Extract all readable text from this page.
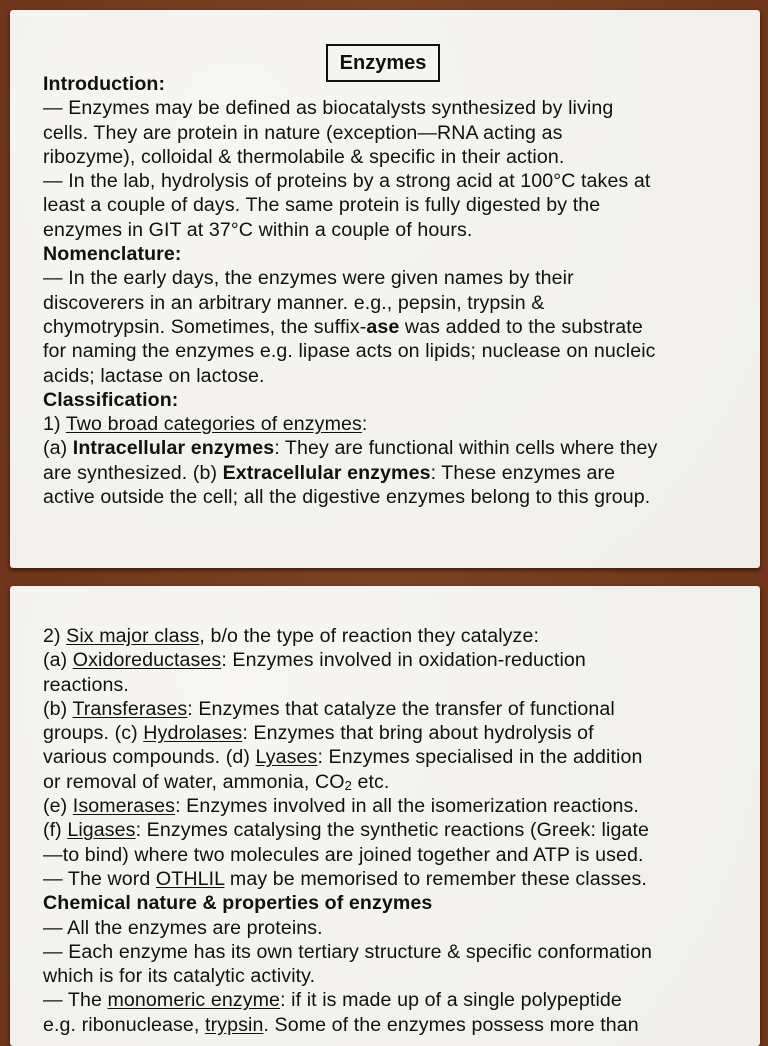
Enzymes
Introduction:
— Enzymes may be defined as biocatalysts synthesized by living
cells. They are protein in nature (exception—RNA acting as
ribozyme), colloidal & thermolabile & specific in their action.
— In the lab, hydrolysis of proteins by a strong acid at 100°C takes at
least a couple of days. The same protein is fully digested by the
enzymes in GIT at 37°C within a couple of hours.
Nomenclature:
— In the early days, the enzymes were given names by their
discoverers in an arbitrary manner. e.g., pepsin, trypsin &
chymotrypsin. Sometimes, the suffix-ase was added to the substrate
for naming the enzymes e.g. lipase acts on lipids; nuclease on nucleic
acids; lactase on lactose.
Classification:
1) Two broad categories of enzymes:
(a) Intracellular enzymes: They are functional within cells where they
are synthesized. (b) Extracellular enzymes: These enzymes are
active outside the cell; all the digestive enzymes belong to this group.
2) Six major class, b/o the type of reaction they catalyze:
(a) Oxidoreductases: Enzymes involved in oxidation-reduction
reactions.
(b) Transferases: Enzymes that catalyze the transfer of functional
groups. (c) Hydrolases: Enzymes that bring about hydrolysis of
various compounds. (d) Lyases: Enzymes specialised in the addition
or removal of water, ammonia, $CO_2$ etc.
(e) Isomerases: Enzymes involved in all the isomerization reactions.
(f) Ligases: Enzymes catalysing the synthetic reactions (Greek: ligate
—to bind) where two molecules are joined together and ATP is used.
— The word OTHLIL may be memorised to remember these classes.
Chemical nature & properties of enzymes
— All the enzymes are proteins.
— Each enzyme has its own tertiary structure & specific conformation
which is for its catalytic activity.
— The monomeric enzyme: if it is made up of a single polypeptide
e.g. ribonuclease, trypsin. Some of the enzymes possess more than
